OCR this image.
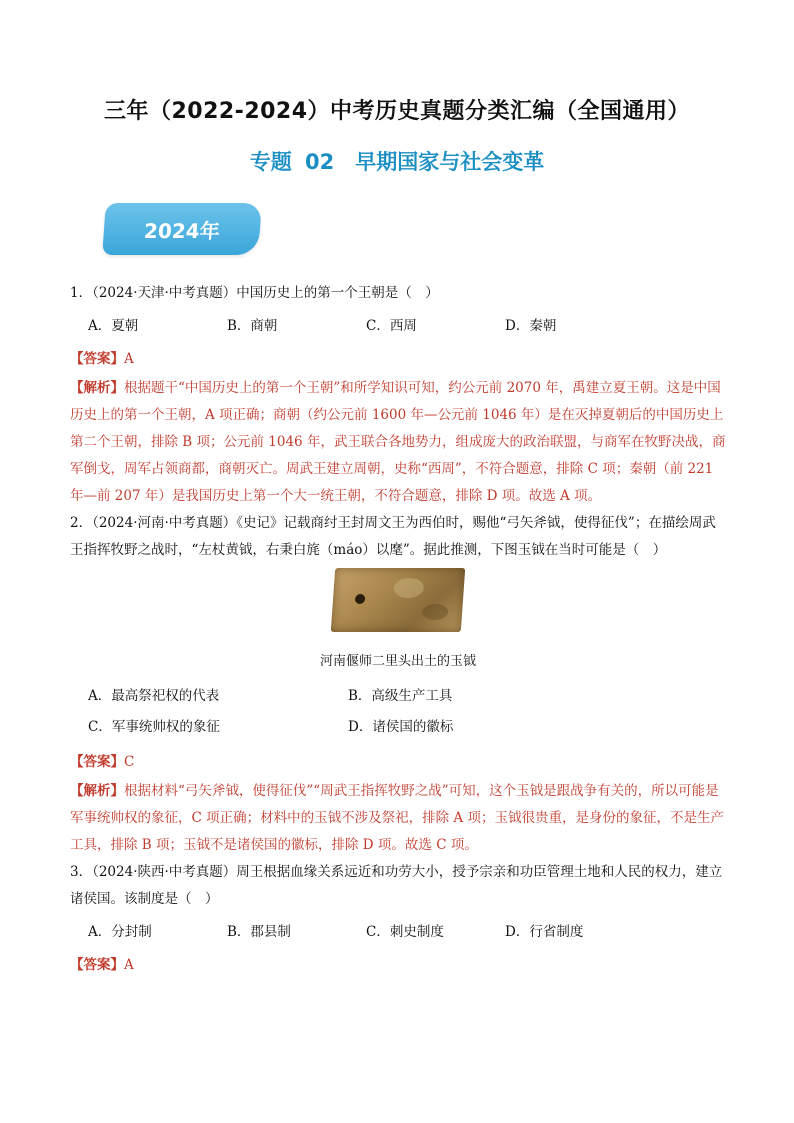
三年（2022-2024）中考历史真题分类汇编（全国通用）
专题 02　早期国家与社会变革
2024年

1．（2024·天津·中考真题）中国历史上的第一个王朝是（　）

A．夏朝	B．商朝	C．西周	D．秦朝

【答案】A

【解析】根据题干“中国历史上的第一个王朝”和所学知识可知，约公元前 2070 年，禹建立夏王朝。这是中国历史上的第一个王朝，A 项正确；商朝（约公元前 1600 年—公元前 1046 年）是在灭掉夏朝后的中国历史上第二个王朝，排除 B 项；公元前 1046 年，武王联合各地势力，组成庞大的政治联盟，与商军在牧野决战，商军倒戈，周军占领商都，商朝灭亡。周武王建立周朝，史称“西周”，不符合题意，排除 C 项；秦朝（前 221 年—前 207 年）是我国历史上第一个大一统王朝，不符合题意，排除 D 项。故选 A 项。

2．（2024·河南·中考真题）《史记》记载商纣王封周文王为西伯时，赐他“弓矢斧钺，使得征伐”；在描绘周武王指挥牧野之战时，“左杖黄钺，右秉白旄（máo）以麾”。据此推测，下图玉钺在当时可能是（　）

河南偃师二里头出土的玉钺

A．最高祭祀权的代表	B．高级生产工具
C．军事统帅权的象征	D．诸侯国的徽标

【答案】C

【解析】根据材料“弓矢斧钺，使得征伐”“周武王指挥牧野之战”可知，这个玉钺是跟战争有关的，所以可能是军事统帅权的象征，C 项正确；材料中的玉钺不涉及祭祀，排除 A 项；玉钺很贵重，是身份的象征，不是生产工具，排除 B 项；玉钺不是诸侯国的徽标，排除 D 项。故选 C 项。

3．（2024·陕西·中考真题）周王根据血缘关系远近和功劳大小，授予宗亲和功臣管理土地和人民的权力，建立诸侯国。该制度是（　）

A．分封制	B．郡县制	C．刺史制度	D．行省制度

【答案】A
